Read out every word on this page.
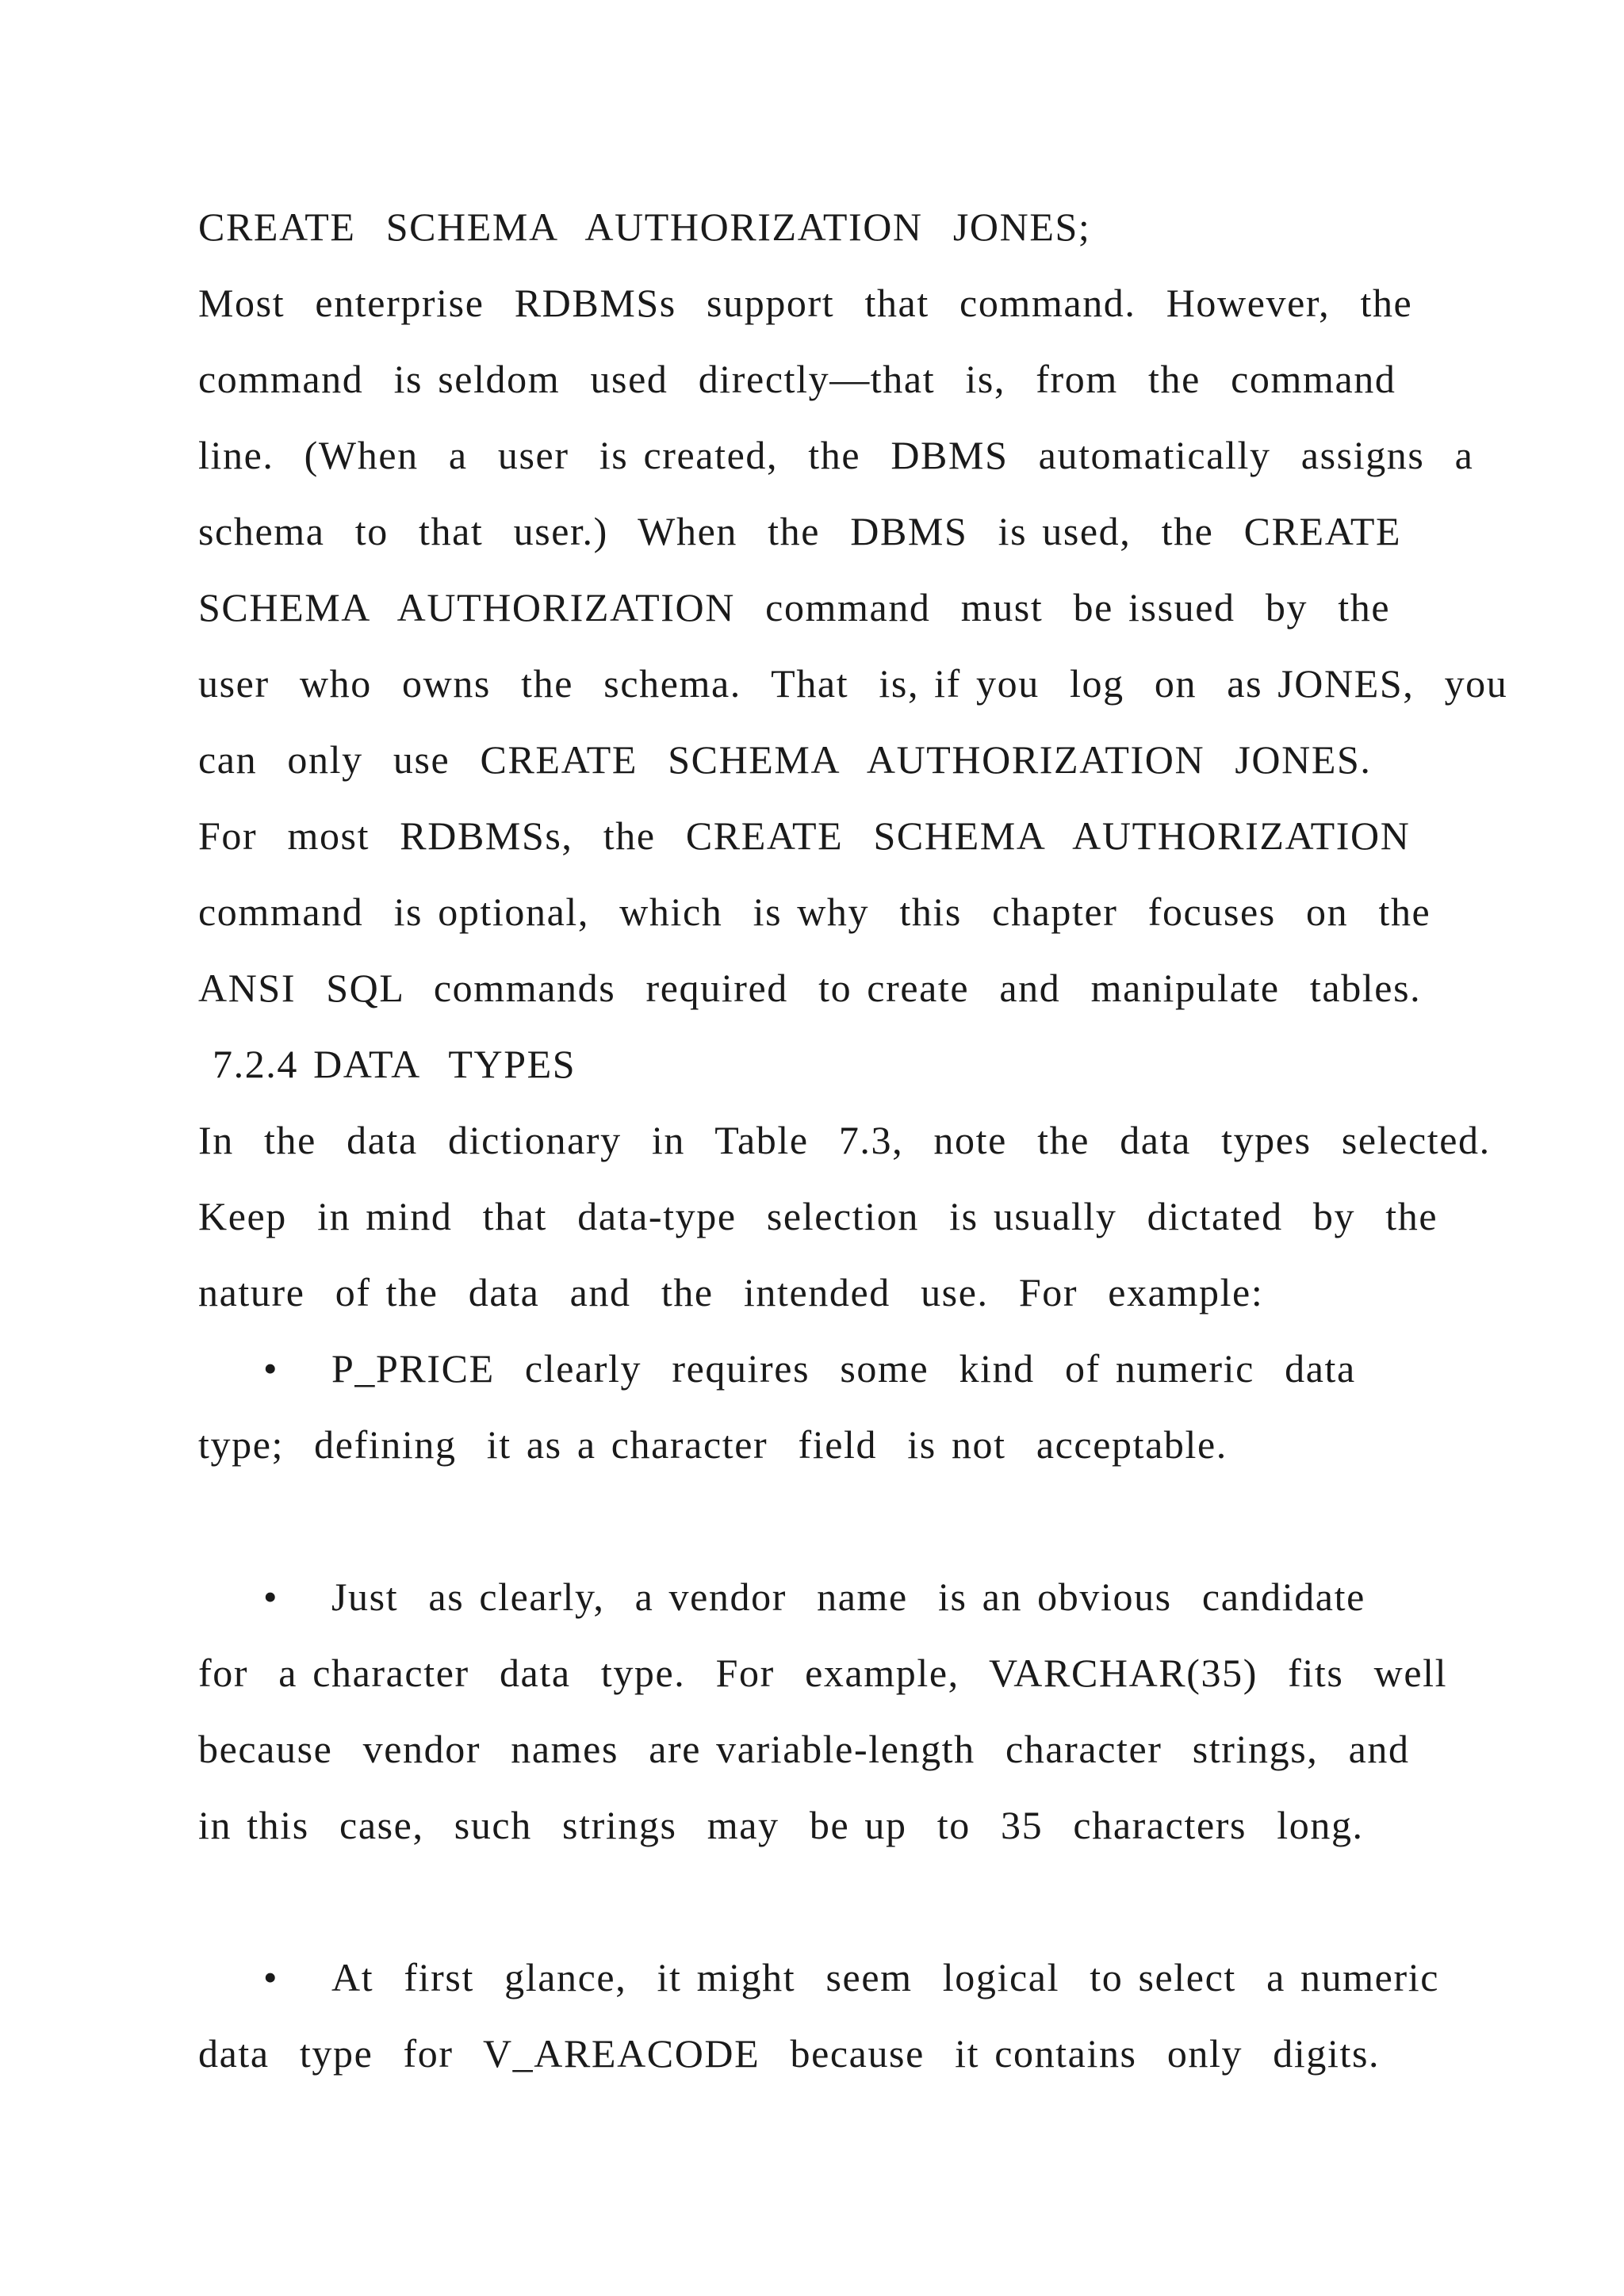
CREATE  SCHEMA  AUTHORIZATION  JONES;
Most  enterprise  RDBMSs  support  that  command.  However,  the
command  is seldom  used  directly—that  is,  from  the  command
line.  (When  a  user  is created,  the  DBMS  automatically  assigns  a
schema  to  that  user.)  When  the  DBMS  is used,  the  CREATE
SCHEMA  AUTHORIZATION  command  must  be issued  by  the
user  who  owns  the  schema.  That  is, if you  log  on  as JONES,  you
can  only  use  CREATE  SCHEMA  AUTHORIZATION  JONES.
For  most  RDBMSs,  the  CREATE  SCHEMA  AUTHORIZATION
command  is optional,  which  is why  this  chapter  focuses  on  the
ANSI  SQL  commands  required  to create  and  manipulate  tables.
7.2.4 DATA  TYPES
In  the  data  dictionary  in  Table  7.3,  note  the  data  types  selected.
Keep  in mind  that  data-type  selection  is usually  dictated  by  the
nature  of the  data  and  the  intended  use.  For  example:
• P_PRICE  clearly  requires  some  kind  of numeric  data
type;  defining  it as a character  field  is not  acceptable.
• Just  as clearly,  a vendor  name  is an obvious  candidate
for  a character  data  type.  For  example,  VARCHAR(35)  fits  well
because  vendor  names  are variable-length  character  strings,  and
in this  case,  such  strings  may  be up  to  35  characters  long.
• At  first  glance,  it might  seem  logical  to select  a numeric
data  type  for  V_AREACODE  because  it contains  only  digits.
